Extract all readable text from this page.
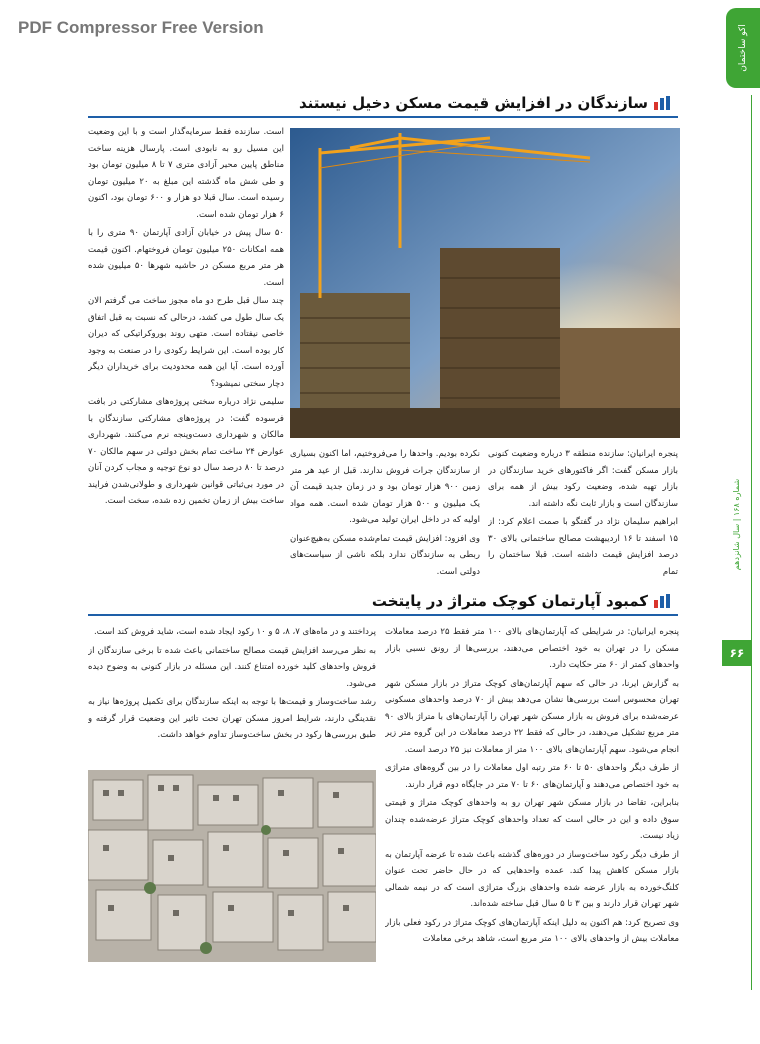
PDF Compressor Free Version	اکو ساختمان
شماره ۱۶۸ | سال شانزدهم
۶۶
سازندگان در افزایش قیمت مسکن دخیل نیستند

است. سازنده فقط سرمایه‌گذار است و با این وضعیت این مسیل رو به نابودی است. پارسال هزینه ساخت مناطق پایین محیر آزادی متری ۷ تا ۸ میلیون تومان بود و طی شش ماه گذشته این مبلغ به ۲۰ میلیون تومان رسیده است. سال قبلا دو هزار و ۶۰۰ تومان بود، اکنون ۶ هزار تومان شده است.

۵۰ سال پیش در خیابان آزادی آپارتمان ۹۰ متری را با همه امکانات ۲۵۰ میلیون تومان فروختهام. اکنون قیمت هر متر مربع مسکن در حاشیه شهرها ۵۰ میلیون شده است.

چند سال قبل طرح دو ماه مجوز ساخت می گرفتم الان یک سال طول می کشد، درحالی که نسبت به قبل اتفاق خاصی نیفتاده است. متهی روند بوروکراتیکی که دیران کار بوده است. این شرایط رکودی را در صنعت به وجود آورده است. آیا این همه محدودیت برای خریداران دیگر دچار سختی نمیشود؟

سلیمی نژاد درباره سختی پروژه‌های مشارکتی در بافت فرسوده گفت: در پروژه‌های مشارکتی سازندگان با مالکان و شهرداری دست‌وپنجه نرم می‌کنند. شهرداری عوارض ۲۴ ساخت تمام بخش دولتی در سهم مالکان ۷۰ درصد تا ۸۰ درصد سال دو نوع توجیه و مجاب کردن آنان در مورد بی‌ثباتی قوانین شهرداری و طولانی‌شدن فرایند ساخت بیش از زمان تخمین زده شده، سخت است.

نکرده بودیم. واحدها را می‌فروختیم، اما اکنون بسیاری از سازندگان جرات فروش ندارند. قبل از عید هر متر زمین ۹۰۰ هزار تومان بود و در زمان جدید قیمت آن یک میلیون و ۵۰۰ هزار تومان شده است. همه مواد اولیه که در داخل ایران تولید می‌شود.

وی افزود: افزایش قیمت تمام‌شده مسکن به‌هیچ‌عنوان ربطی به سازندگان ندارد بلکه ناشی از سیاست‌های دولتی است.

پنجره ایرانیان: سازنده منطقه ۳ درباره وضعیت کنونی بازار مسکن گفت: اگر فاکتورهای خرید سازندگان در بازار تهیه شده، وضعیت رکود بیش از همه برای سازندگان است و بازار ثابت نگه داشته اند.

ابراهیم سلیمان نژاد در گفتگو با صمت اعلام کرد: از ۱۵ اسفند تا ۱۶ اردیبهشت مصالح ساختمانی بالای ۳۰ درصد افزایش قیمت داشته است. قبلا ساختمان را تمام

کمبود آپارتمان کوچک متراژ در پایتخت

پنجره ایرانیان: در شرایطی که آپارتمان‌های بالای ۱۰۰ متر فقط ۲۵ درصد معاملات مسکن را در تهران به خود اختصاص می‌دهند، بررسی‌ها از رونق نسبی بازار واحدهای کمتر از ۶۰ متر حکایت دارد.

به گزارش ایرنا، در حالی که سهم آپارتمان‌های کوچک متراژ در بازار مسکن شهر تهران محسوس است بررسی‌ها نشان می‌دهد بیش از ۷۰ درصد واحدهای مسکونی عرضه‌شده برای فروش به بازار مسکن شهر تهران را آپارتمان‌های با متراژ بالای ۹۰ متر مربع تشکیل می‌دهند، در حالی که فقط ۲۲ درصد معاملات در این گروه متر زیر انجام می‌شود. سهم آپارتمان‌های بالای ۱۰۰ متر از معاملات نیز ۲۵ درصد است.

از طرف دیگر واحدهای ۵۰ تا ۶۰ متر رتبه اول معاملات را در بین گروه‌های متراژی به خود اختصاص می‌دهند و آپارتمان‌های ۶۰ تا ۷۰ متر در جایگاه دوم قرار دارند.

بنابراین، تقاضا در بازار مسکن شهر تهران رو به واحدهای کوچک متراژ و قیمتی سوق داده و این در حالی است که تعداد واحدهای کوچک متراژ عرضه‌شده چندان زیاد نیست.

از طرف دیگر رکود ساخت‌وساز در دوره‌های گذشته باعث شده تا عرضه آپارتمان به بازار مسکن کاهش پیدا کند. عمده واحدهایی که در حال حاضر تحت عنوان کلنگ‌خورده به بازار عرضه شده واحدهای بزرگ متراژی است که در نیمه شمالی شهر تهران قرار دارند و بین ۳ تا ۵ سال قبل ساخته شده‌اند.

وی تصریح کرد: هم اکنون به دلیل اینکه آپارتمان‌های کوچک متراژ در رکود فعلی بازار معاملات بیش از واحدهای بالای ۱۰۰ متر مربع است، شاهد برخی معاملات

پرداختند و در ماه‌های ۷، ۸، ۵ و ۱۰ رکود ایجاد شده است، شاید فروش کند است.

به نظر می‌رسد افزایش قیمت مصالح ساختمانی باعث شده تا برخی سازندگان از فروش واحدهای کلید خورده امتناع کنند. این مسئله در بازار کنونی به وضوح دیده می‌شود.

رشد ساخت‌وساز و قیمت‌ها با توجه به اینکه سازندگان برای تکمیل پروژه‌ها نیاز به نقدینگی دارند، شرایط امروز مسکن تهران تحت تاثیر این وضعیت قرار گرفته و طبق بررسی‌ها رکود در بخش ساخت‌وساز تداوم خواهد داشت.
